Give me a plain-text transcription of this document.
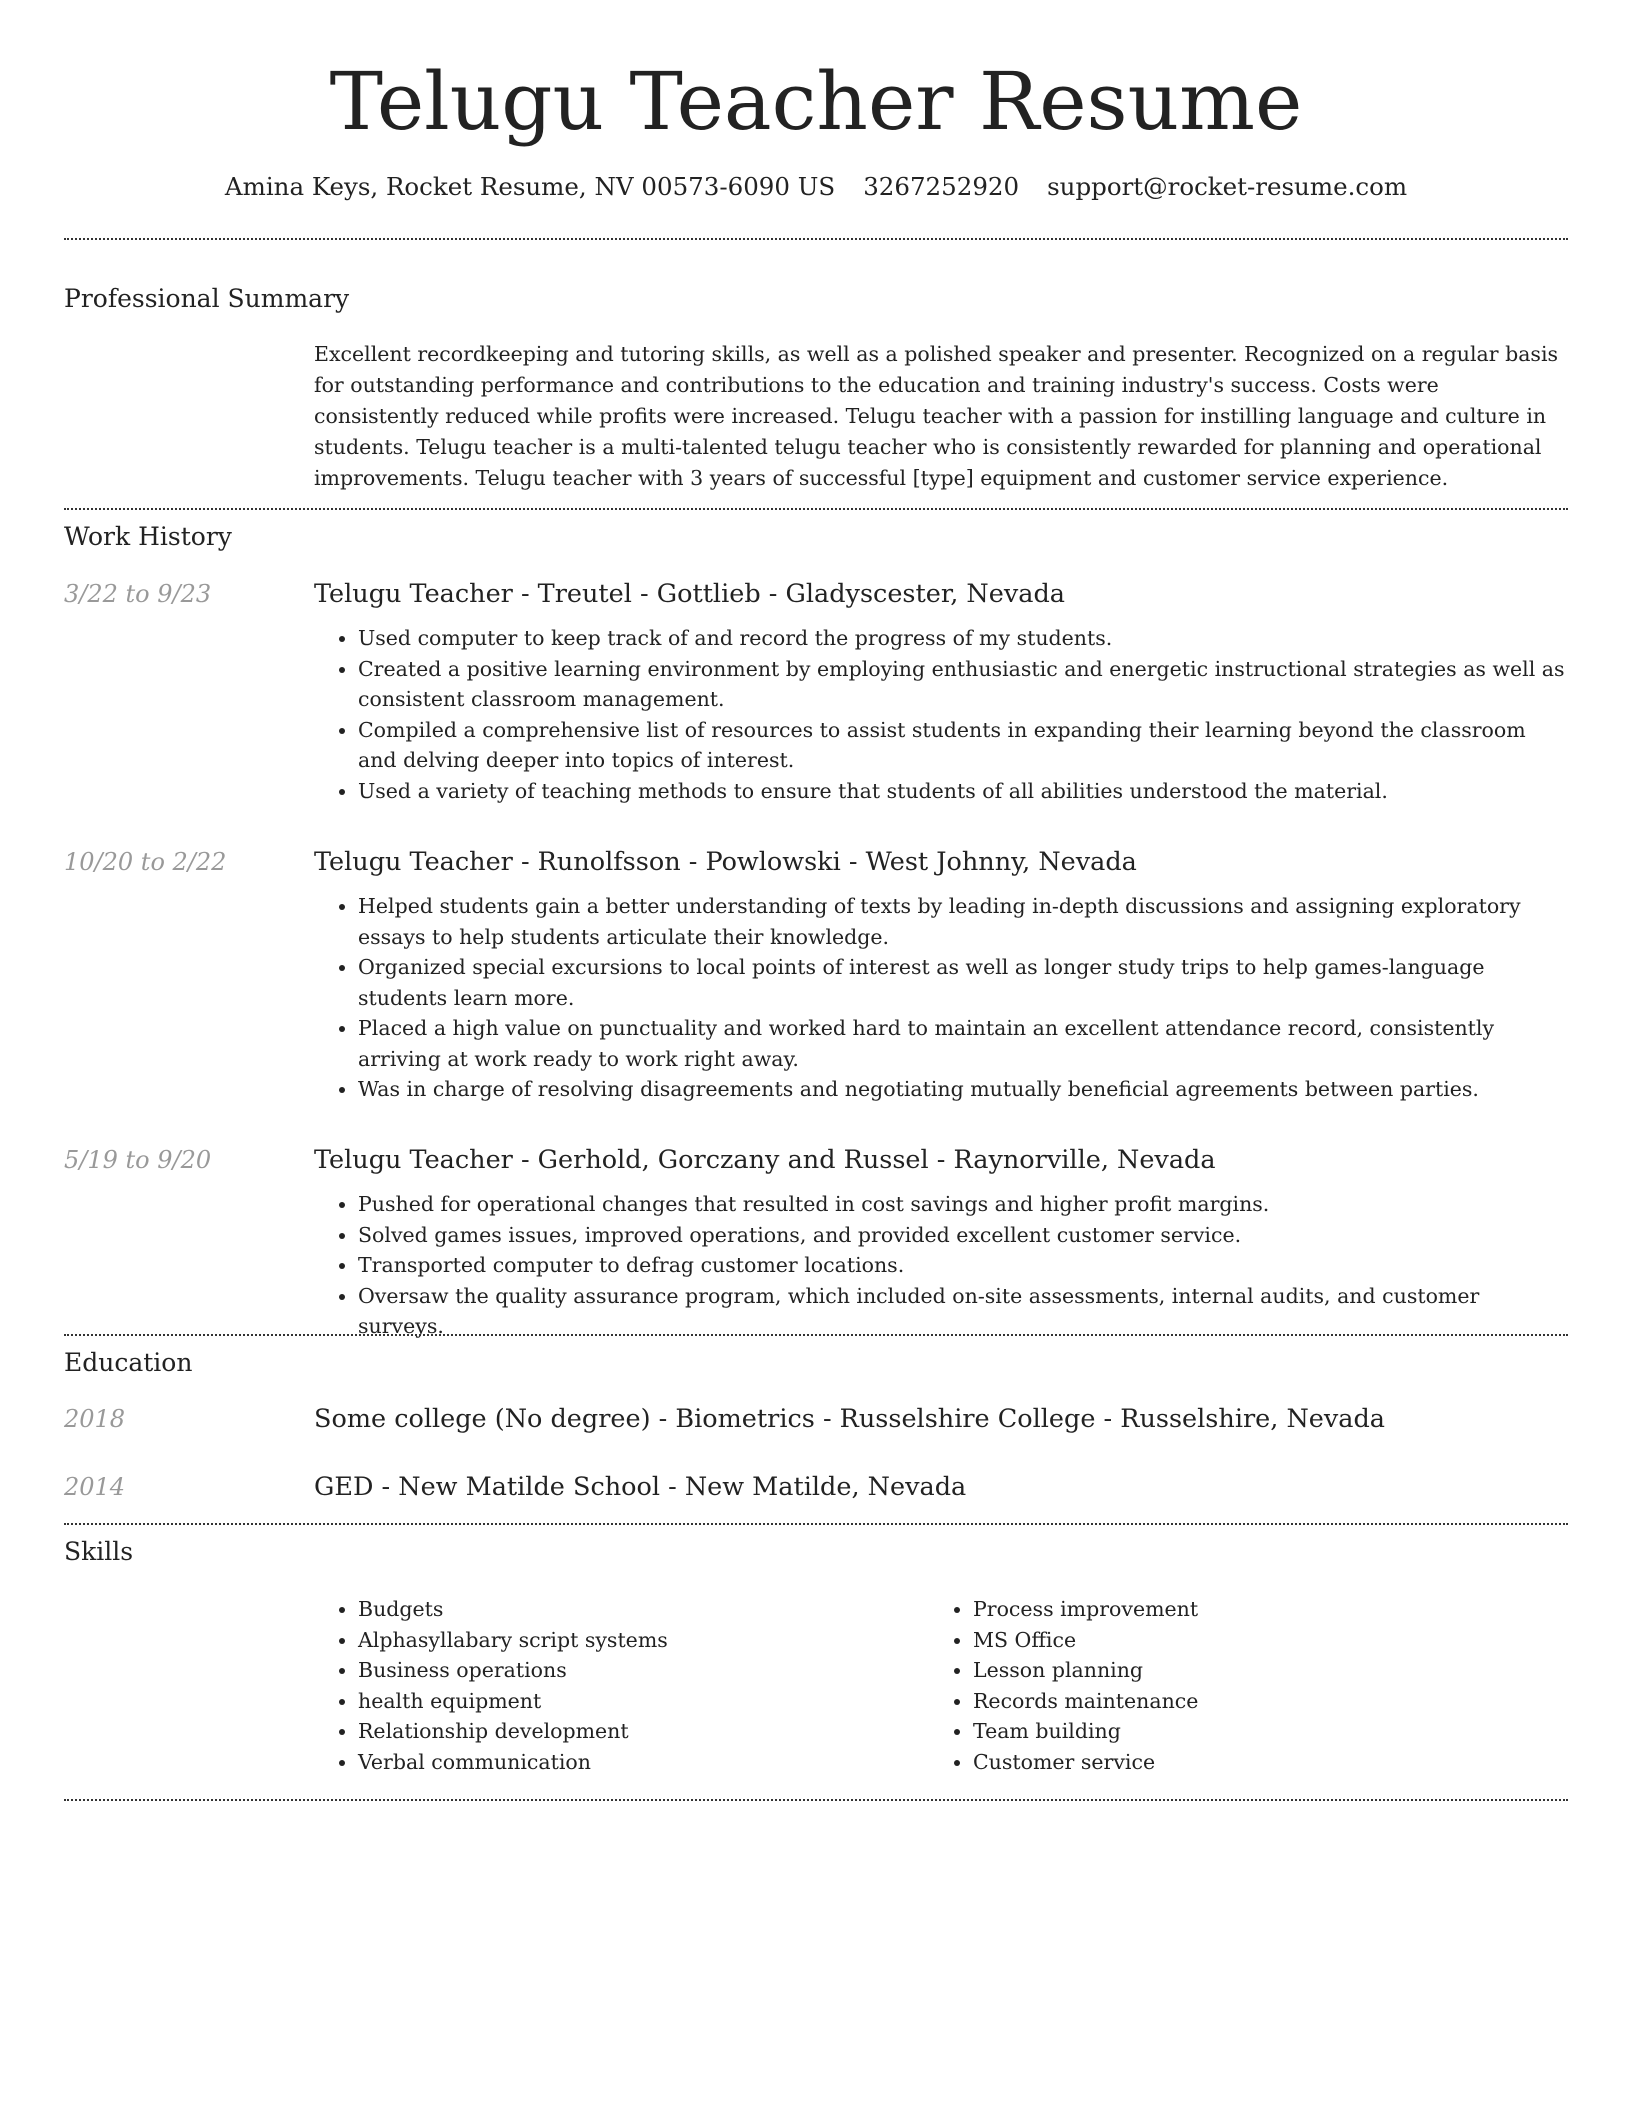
Telugu Teacher Resume
Amina Keys, Rocket Resume, NV 00573-6090 US 3267252920 support@rocket-resume.com
Professional Summary

Excellent recordkeeping and tutoring skills, as well as a polished speaker and presenter. Recognized on a regular basis for outstanding performance and contributions to the education and training industry's success. Costs were consistently reduced while profits were increased. Telugu teacher with a passion for instilling language and culture in students. Telugu teacher is a multi-talented telugu teacher who is consistently rewarded for planning and operational improvements. Telugu teacher with 3 years of successful [type] equipment and customer service experience.

Work History
3/22 to 9/23	Telugu Teacher - Treutel - Gottlieb - Gladyscester, Nevada
• Used computer to keep track of and record the progress of my students.
• Created a positive learning environment by employing enthusiastic and energetic instructional strategies as well as consistent classroom management.
• Compiled a comprehensive list of resources to assist students in expanding their learning beyond the classroom and delving deeper into topics of interest.
• Used a variety of teaching methods to ensure that students of all abilities understood the material.
10/20 to 2/22	Telugu Teacher - Runolfsson - Powlowski - West Johnny, Nevada
• Helped students gain a better understanding of texts by leading in-depth discussions and assigning exploratory essays to help students articulate their knowledge.
• Organized special excursions to local points of interest as well as longer study trips to help games-language students learn more.
• Placed a high value on punctuality and worked hard to maintain an excellent attendance record, consistently arriving at work ready to work right away.
• Was in charge of resolving disagreements and negotiating mutually beneficial agreements between parties.
5/19 to 9/20	Telugu Teacher - Gerhold, Gorczany and Russel - Raynorville, Nevada
• Pushed for operational changes that resulted in cost savings and higher profit margins.
• Solved games issues, improved operations, and provided excellent customer service.
• Transported computer to defrag customer locations.
• Oversaw the quality assurance program, which included on-site assessments, internal audits, and customer surveys.
Education
2018	Some college (No degree) - Biometrics - Russelshire College - Russelshire, Nevada
2014	GED - New Matilde School - New Matilde, Nevada
Skills
• Budgets
• Alphasyllabary script systems
• Business operations
• health equipment
• Relationship development
• Verbal communication
• Process improvement
• MS Office
• Lesson planning
• Records maintenance
• Team building
• Customer service
